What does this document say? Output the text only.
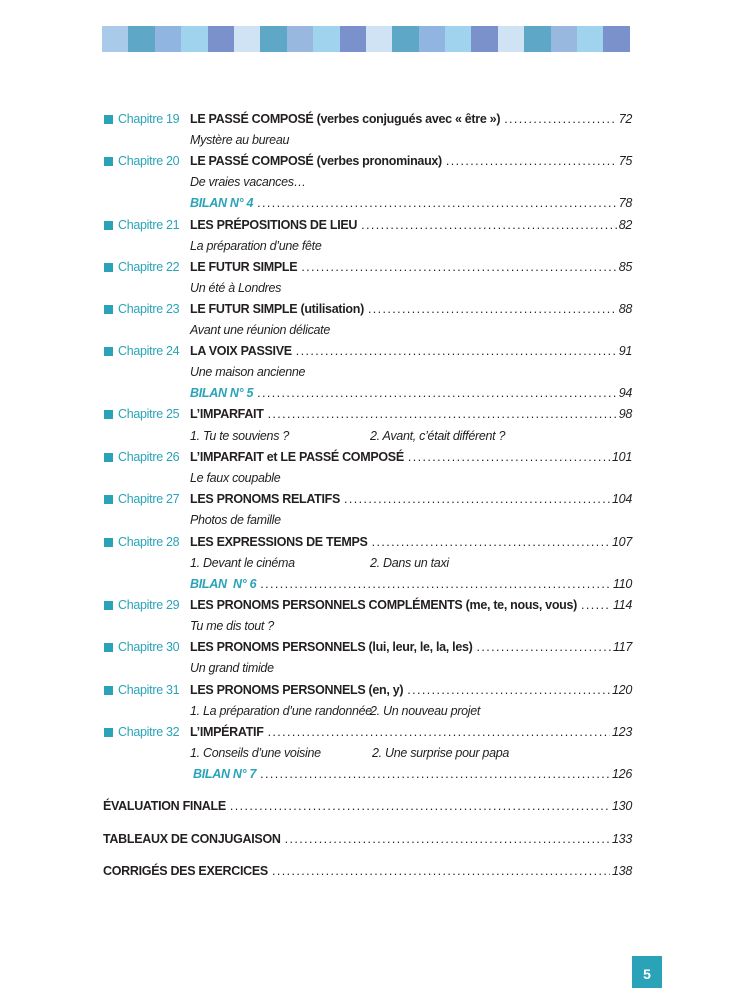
Chapitre 19 LE PASSÉ COMPOSÉ (verbes conjugués avec « être ») .....	72
Mystère au bureau
Chapitre 20 LE PASSÉ COMPOSÉ (verbes pronominaux) .....	75
De vraies vacances…
BILAN N° 4 .....	78
Chapitre 21 LES PRÉPOSITIONS DE LIEU .....	82
La préparation d’une fête
Chapitre 22 LE FUTUR SIMPLE .....	85
Un été à Londres
Chapitre 23 LE FUTUR SIMPLE (utilisation) .....	88
Avant une réunion délicate
Chapitre 24 LA VOIX PASSIVE .....	91
Une maison ancienne
BILAN N° 5 .....	94
Chapitre 25 L’IMPARFAIT .....	98
1. Tu te souviens ?	2. Avant, c’était différent ?
Chapitre 26 L’IMPARFAIT et LE PASSÉ COMPOSÉ .....	101
Le faux coupable
Chapitre 27 LES PRONOMS RELATIFS .....	104
Photos de famille
Chapitre 28 LES EXPRESSIONS DE TEMPS .....	107
1. Devant le cinéma	2. Dans un taxi
BILAN  N° 6 .....	110
Chapitre 29 LES PRONOMS PERSONNELS COMPLÉMENTS (me, te, nous, vous) .....	114
Tu me dis tout ?
Chapitre 30 LES PRONOMS PERSONNELS (lui, leur, le, la, les) .....	117
Un grand timide
Chapitre 31 LES PRONOMS PERSONNELS (en, y) .....	120
1. La préparation d’une randonnée
2. Un nouveau projet
Chapitre 32 L’IMPÉRATIF .....	123
1. Conseils d’une voisine	2. Une surprise pour papa
BILAN N° 7 .....	126
ÉVALUATION FINALE .....	130
TABLEAUX DE CONJUGAISON .....	133
CORRIGÉS DES EXERCICES .....	138
5
